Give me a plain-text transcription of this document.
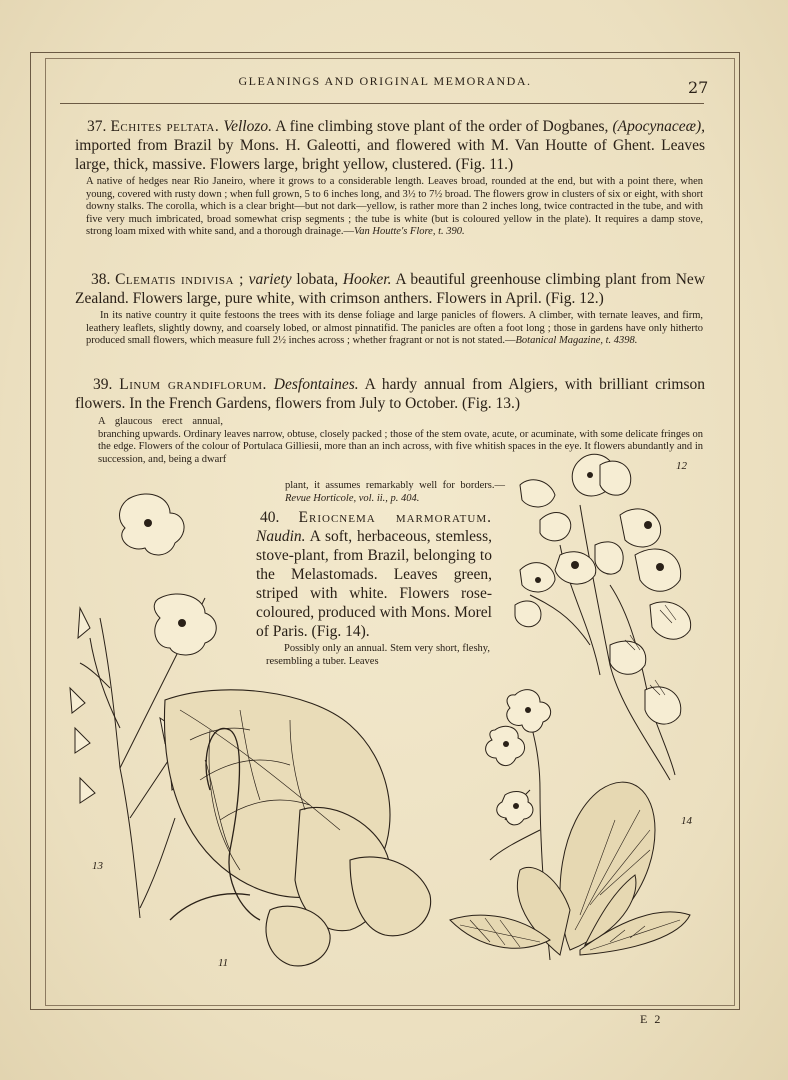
GLEANINGS AND ORIGINAL MEMORANDA.	27
37. Echites peltata. Vellozo. A fine climbing stove plant of the order of Dogbanes, (Apocynaceæ), imported from Brazil by Mons. H. Galeotti, and flowered with M. Van Houtte of Ghent. Leaves large, thick, massive. Flowers large, bright yellow, clustered. (Fig. 11.)
A native of hedges near Rio Janeiro, where it grows to a considerable length. Leaves broad, rounded at the end, but with a point there, when young, covered with rusty down ; when full grown, 5 to 6 inches long, and 3½ to 7½ broad. The flowers grow in clusters of six or eight, with short downy stalks. The corolla, which is a clear bright—but not dark—yellow, is rather more than 2 inches long, twice contracted in the tube, and with five very much imbricated, broad somewhat crisp segments ; the tube is white (but is coloured yellow in the plate). It requires a damp stove, strong loam mixed with white sand, and a thorough drainage.—Van Houtte's Flore, t. 390.
38. Clematis indivisa ; variety lobata, Hooker. A beautiful greenhouse climbing plant from New Zealand. Flowers large, pure white, with crimson anthers. Flowers in April. (Fig. 12.)
In its native country it quite festoons the trees with its dense foliage and large panicles of flowers. A climber, with ternate leaves, and firm, leathery leaflets, slightly downy, and coarsely lobed, or almost pinnatifid. The panicles are often a foot long ; those in gardens have only hitherto produced small flowers, which measure full 2½ inches across ; whether fragrant or not is not stated.—Botanical Magazine, t. 4398.
39. Linum grandiflorum. Desfontaines. A hardy annual from Algiers, with brilliant crimson flowers. In the French Gardens, flowers from July to October. (Fig. 13.)
A glaucous erect annual, branching upwards. Ordinary leaves narrow, obtuse, closely packed ; those of the stem ovate, acute, or acuminate, with some delicate fringes on the edge. Flowers of the colour of Portulaca Gilliesii, more than an inch across, with five whitish spaces in the eye. It flowers abundantly and in succession, and, being a dwarf
plant, it assumes remarkably well for borders.—Revue Horticole, vol. ii., p. 404.
40. Eriocnema marmoratum. Naudin. A soft, herbaceous, stemless, stove-plant, from Brazil, belonging to the Melastomads. Leaves green, striped with white. Flowers rose-coloured, produced with Mons. Morel of Paris. (Fig. 14).
Possibly only an annual. Stem very short, fleshy, resembling a tuber. Leaves
12
13
11
14
E 2
